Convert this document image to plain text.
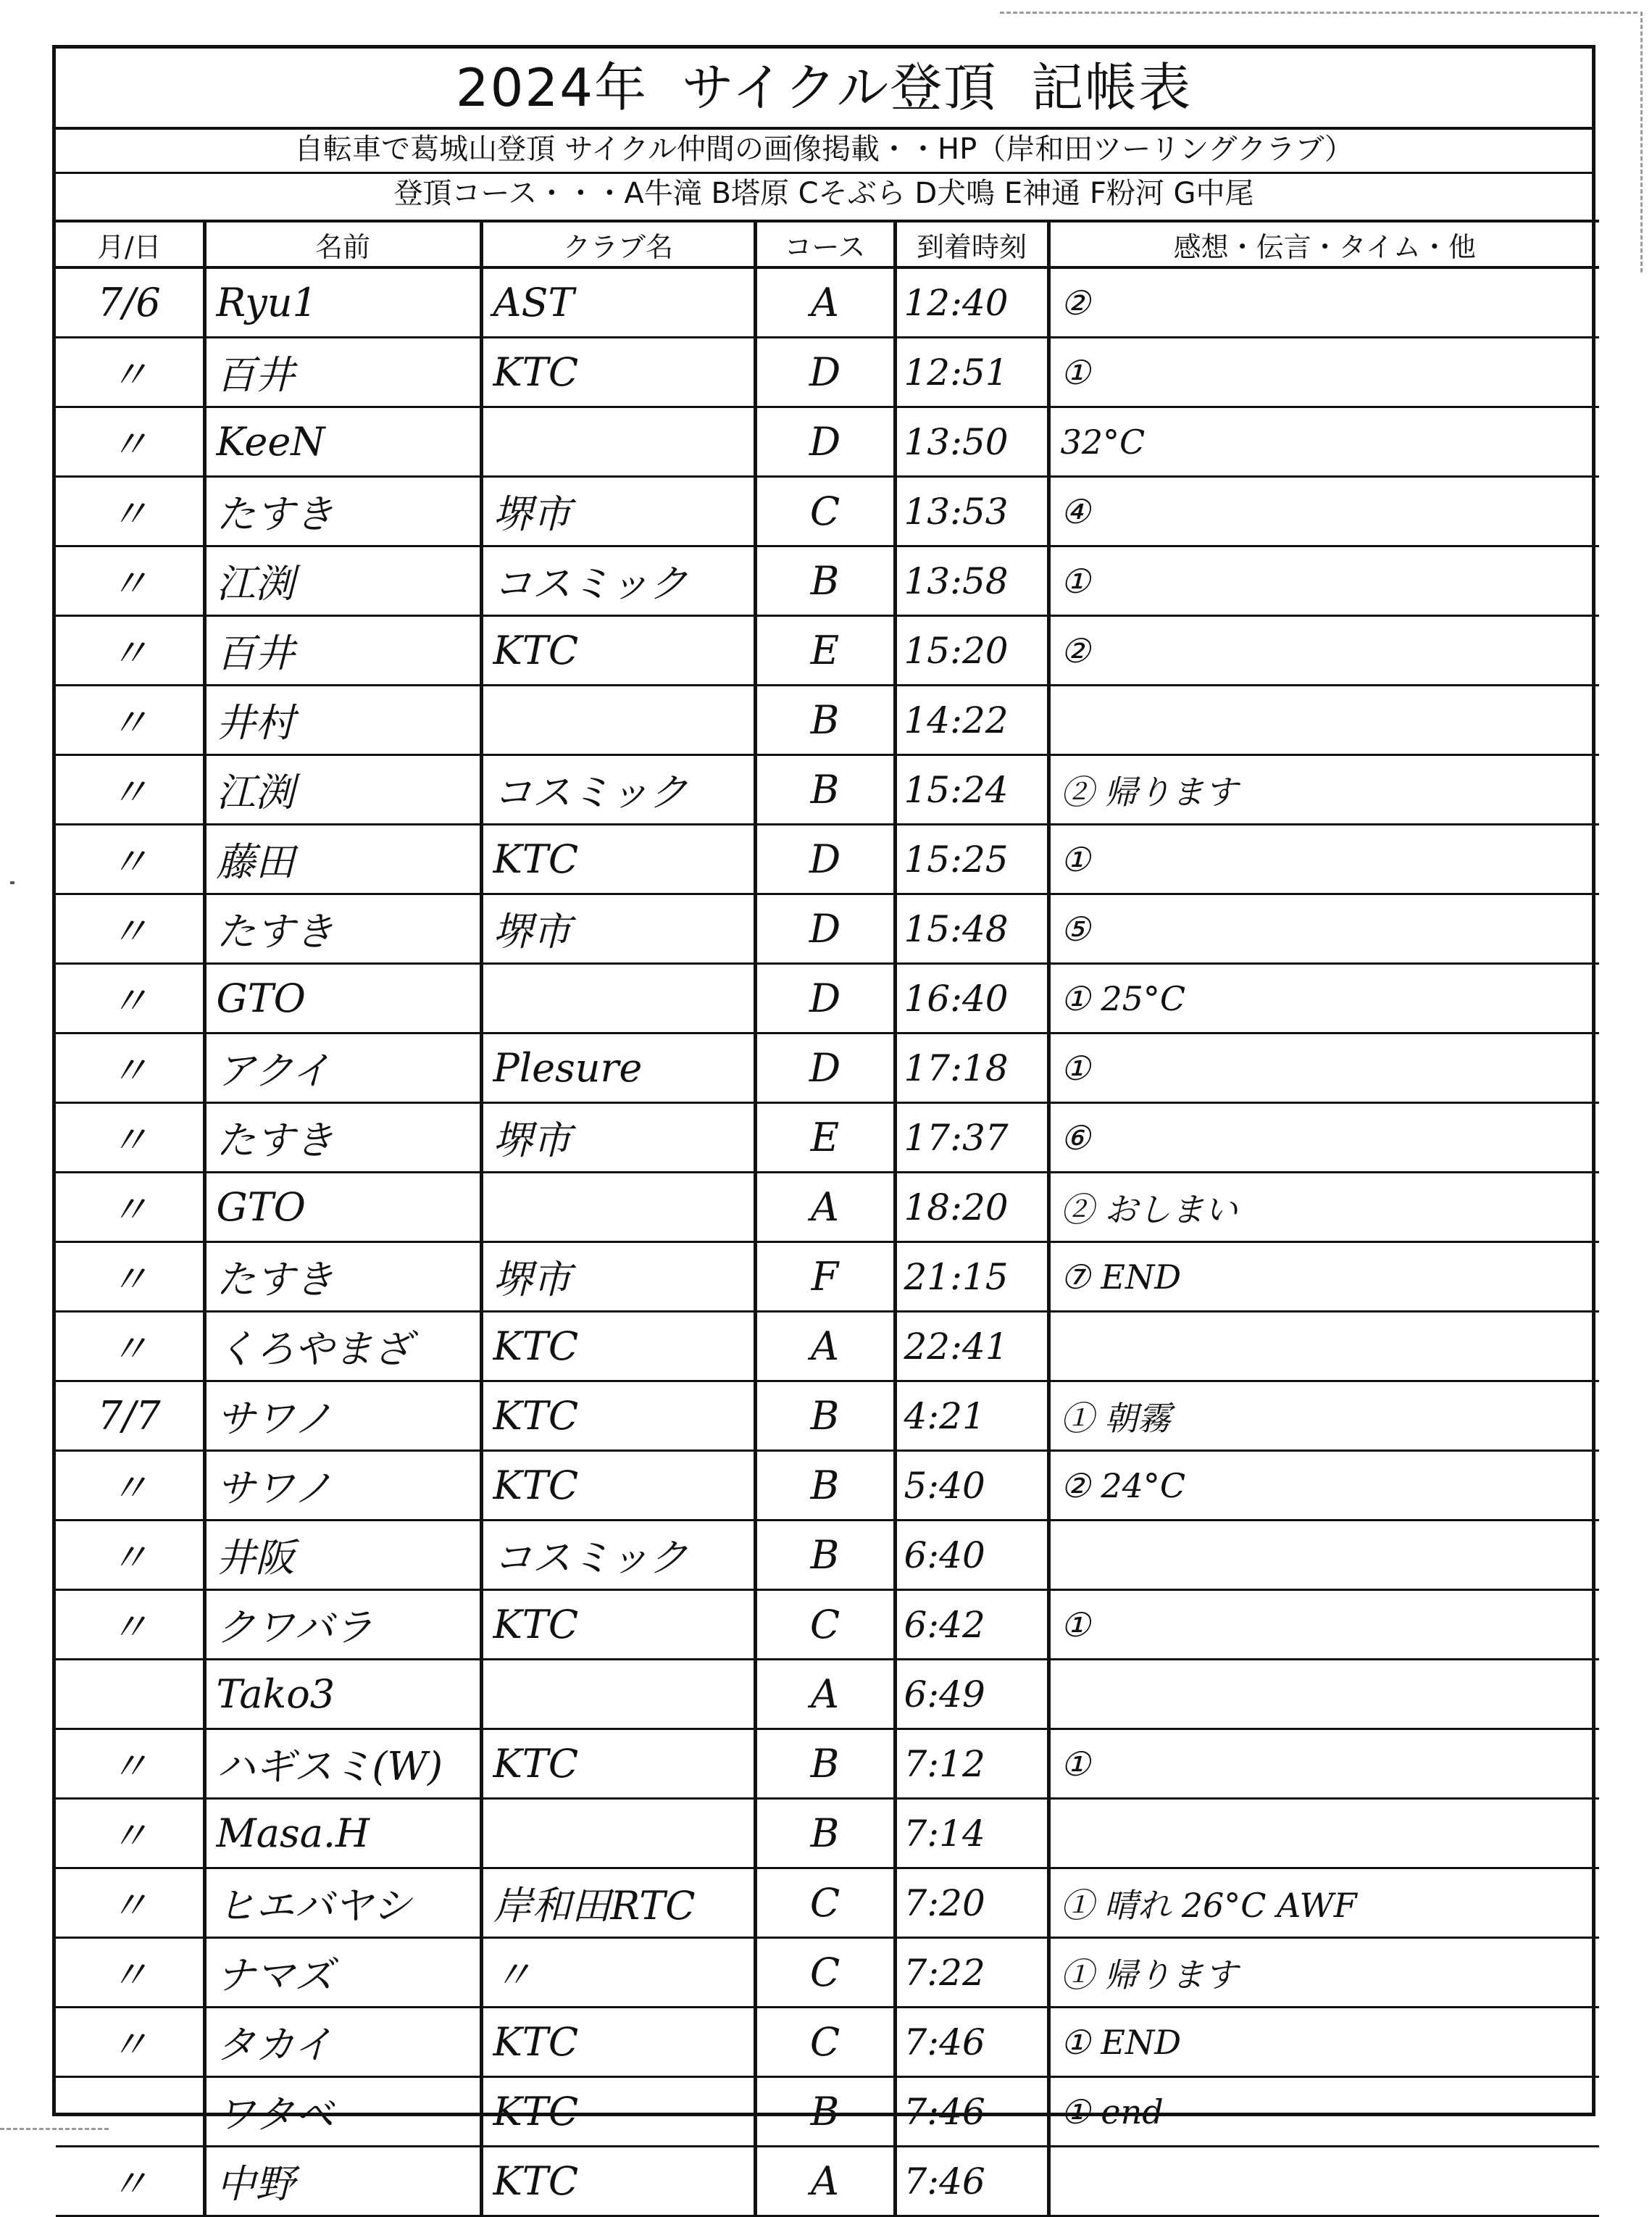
2024年 サイクル登頂 記帳表
自転車で葛城山登頂 サイクル仲間の画像掲載・・HP（岸和田ツーリングクラブ）
登頂コース・・・A牛滝 B塔原 Cそぶら D犬鳴 E神通 F粉河 G中尾
月/日	名前	クラブ名	コース	到着時刻	感想・伝言・タイム・他
7/6	Ryu1	AST	A	12:40	②
〃	百井	KTC	D	12:51	①
〃	KeeN		D	13:50	32°C
〃	たすき	堺市	C	13:53	④
〃	江渕	コスミック	B	13:58	①
〃	百井	KTC	E	15:20	②
〃	井村		B	14:22	
〃	江渕	コスミック	B	15:24	② 帰ります
〃	藤田	KTC	D	15:25	①
〃	たすき	堺市	D	15:48	⑤
〃	GTO		D	16:40	① 25°C
〃	アクイ	Plesure	D	17:18	①
〃	たすき	堺市	E	17:37	⑥
〃	GTO		A	18:20	② おしまい
〃	たすき	堺市	F	21:15	⑦ END
〃	くろやまざ	KTC	A	22:41	
7/7	サワノ	KTC	B	4:21	① 朝霧
〃	サワノ	KTC	B	5:40	② 24°C
〃	井阪	コスミック	B	6:40	
〃	クワバラ	KTC	C	6:42	①
	Tako3		A	6:49	
〃	ハギスミ(W)	KTC	B	7:12	①
〃	Masa.H		B	7:14	
〃	ヒエバヤシ	岸和田RTC	C	7:20	① 晴れ 26°C AWF
〃	ナマズ	〃	C	7:22	① 帰ります
〃	タカイ	KTC	C	7:46	① END
	ワタベ	KTC	B	7:46	① end
〃	中野	KTC	A	7:46	
